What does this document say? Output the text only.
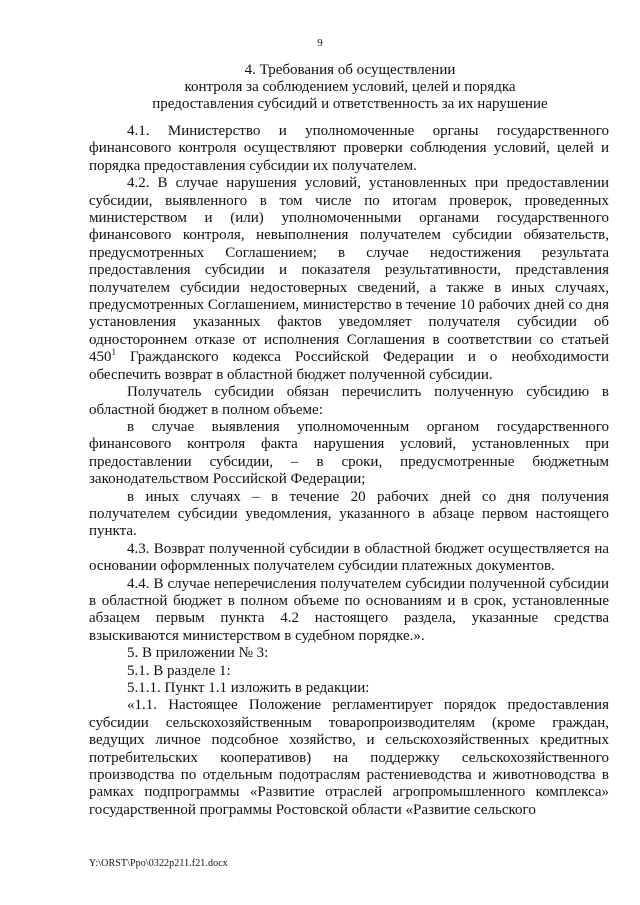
9
4. Требования об осуществлении
контроля за соблюдением условий, целей и порядка
предоставления субсидий и ответственность за их нарушение

4.1. Министерство и уполномоченные органы государственного финансового контроля осуществляют проверки соблюдения условий, целей и порядка предоставления субсидии их получателем.

4.2. В случае нарушения условий, установленных при предоставлении субсидии, выявленного в том числе по итогам проверок, проведенных министерством и (или) уполномоченными органами государственного финансового контроля, невыполнения получателем субсидии обязательств, предусмотренных Соглашением; в случае недостижения результата предоставления субсидии и показателя результативности, представления получателем субсидии недостоверных сведений, а также в иных случаях, предусмотренных Соглашением, министерство в течение 10 рабочих дней со дня установления указанных фактов уведомляет получателя субсидии об одностороннем отказе от исполнения Соглашения в соответствии со статьей $450^1$ Гражданского кодекса Российской Федерации и о необходимости обеспечить возврат в областной бюджет полученной субсидии.

Получатель субсидии обязан перечислить полученную субсидию в областной бюджет в полном объеме:

в случае выявления уполномоченным органом государственного финансового контроля факта нарушения условий, установленных при предоставлении субсидии, – в сроки, предусмотренные бюджетным законодательством Российской Федерации;

в иных случаях – в течение 20 рабочих дней со дня получения получателем субсидии уведомления, указанного в абзаце первом настоящего пункта.

4.3. Возврат полученной субсидии в областной бюджет осуществляется на основании оформленных получателем субсидии платежных документов.

4.4. В случае неперечисления получателем субсидии полученной субсидии в областной бюджет в полном объеме по основаниям и в срок, установленные абзацем первым пункта 4.2 настоящего раздела, указанные средства взыскиваются министерством в судебном порядке.».

5. В приложении № 3:

5.1. В разделе 1:

5.1.1. Пункт 1.1 изложить в редакции:

«1.1. Настоящее Положение регламентирует порядок предоставления субсидии сельскохозяйственным товаропроизводителям (кроме граждан, ведущих личное подсобное хозяйство, и сельскохозяйственных кредитных потребительских кооперативов) на поддержку сельскохозяйственного производства по отдельным подотраслям растениеводства и животноводства в рамках подпрограммы «Развитие отраслей агропромышленного комплекса» государственной программы Ростовской области «Развитие сельского

Y:\ORST\Ppo\0322p211.f21.docx
